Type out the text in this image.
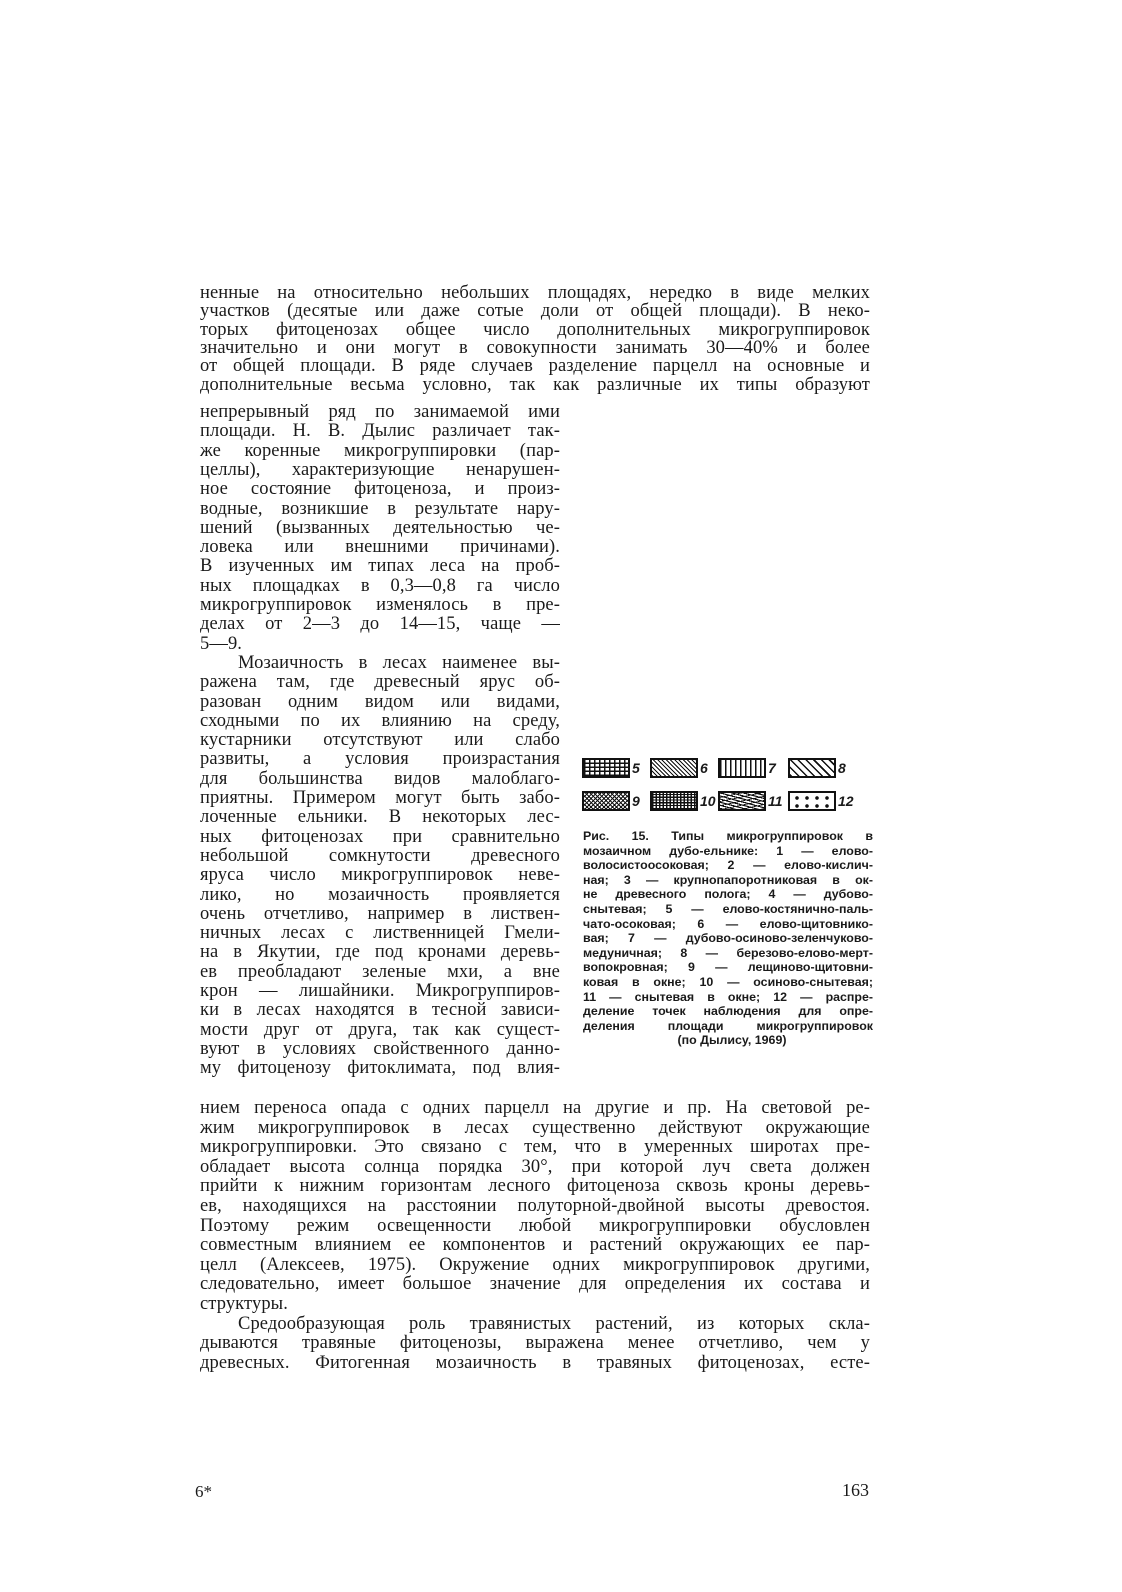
ненные на относительно небольших площадях, нередко в виде мелких
участков (десятые или даже сотые доли от общей площади). В неко-
торых фитоценозах общее число дополнительных микрогруппировок
значительно и они могут в совокупности занимать 30—40% и более
от общей площади. В ряде случаев разделение парцелл на основные и
дополнительные весьма условно, так как различные их типы образуют
непрерывный ряд по занимаемой ими
площади. Н. В. Дылис различает так-
же коренные микрогруппировки (пар-
целлы), характеризующие ненарушен-
ное состояние фитоценоза, и произ-
водные, возникшие в результате нару-
шений (вызванных деятельностью че-
ловека или внешними причинами).
В изученных им типах леса на проб-
ных площадках в 0,3—0,8 га число
микрогруппировок изменялось в пре-
делах от 2—3 до 14—15, чаще —
5—9.
Мозаичность в лесах наименее вы-
ражена там, где древесный ярус об-
разован одним видом или видами,
сходными по их влиянию на среду,
кустарники отсутствуют или слабо
развиты, а условия произрастания
для большинства видов малоблаго-
приятны. Примером могут быть забо-
лоченные ельники. В некоторых лес-
ных фитоценозах при сравнительно
небольшой сомкнутости древесного
яруса число микрогруппировок неве-
лико, но мозаичность проявляется
очень отчетливо, например в листвен-
ничных лесах с лиственницей Гмели-
на в Якутии, где под кронами деревь-
ев преобладают зеленые мхи, а вне
крон — лишайники. Микрогруппиров-
ки в лесах находятся в тесной зависи-
мости друг от друга, так как сущест-
вуют в условиях свойственного данно-
му фитоценозу фитоклимата, под влия-
5	6	7	8
9	10	11	12
Рис. 15. Типы микрогруппировок в
мозаичном дубо-ельнике: 1 — елово-
волосистоосоковая; 2 — елово-кислич-
ная; 3 — крупнопапоротниковая в ок-
не древесного полога; 4 — дубово-
снытевая; 5 — елово-костянично-паль-
чато-осоковая; 6 — елово-щитовнико-
вая; 7 — дубово-осиново-зеленчуково-
медуничная; 8 — березово-елово-мерт-
вопокровная; 9 — лещиново-щитовни-
ковая в окне; 10 — осиново-снытевая;
11 — снытевая в окне; 12 — распре-
деление точек наблюдения для опре-
деления площади микрогруппировок
(по Дылису, 1969)
нием переноса опада с одних парцелл на другие и пр. На световой ре-
жим микрогруппировок в лесах существенно действуют окружающие
микрогруппировки. Это связано с тем, что в умеренных широтах пре-
обладает высота солнца порядка 30°, при которой луч света должен
прийти к нижним горизонтам лесного фитоценоза сквозь кроны деревь-
ев, находящихся на расстоянии полуторной-двойной высоты древостоя.
Поэтому режим освещенности любой микрогруппировки обусловлен
совместным влиянием ее компонентов и растений окружающих ее пар-
целл (Алексеев, 1975). Окружение одних микрогруппировок другими,
следовательно, имеет большое значение для определения их состава и
структуры.
Средообразующая роль травянистых растений, из которых скла-
дываются травяные фитоценозы, выражена менее отчетливо, чем у
древесных. Фитогенная мозаичность в травяных фитоценозах, есте-
6*	163
